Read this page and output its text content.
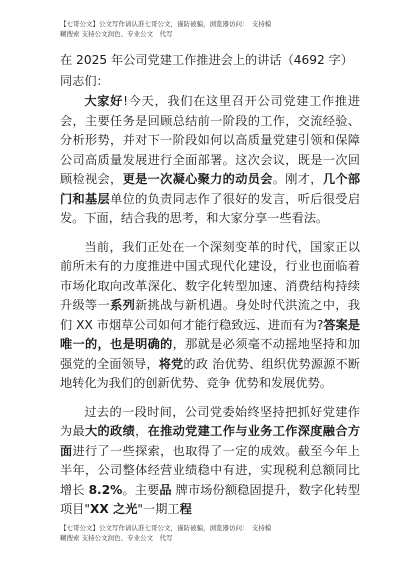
【七哥公文】公文写作请认准七哥公文，谨防被骗，浏览器访问：　支持模
糊搜索 支持公文润色、专业公文　代写
在 2025 年公司党建工作推进会上的讲话（4692 字）同志们：

大家好!今天，我们在这里召开公司党建工作推进会，主要任务是回顾总结前一阶段的工作，交流经验、分析形势，并对下一阶段如何以高质量党建引领和保障公司高质量发展进行全面部署。这次会议，既是一次回顾检视会，更是一次凝心聚力的动员会。刚才，几个部门和基层单位的负责同志作了很好的发言，听后很受启发。下面，结合我的思考，和大家分享一些看法。

当前，我们正处在一个深刻变革的时代，国家正以前所未有的力度推进中国式现代化建设，行业也面临着市场化取向改革深化、数字化转型加速、消费结构持续升级等一系列新挑战与新机遇。身处时代洪流之中，我们 XX 市烟草公司如何才能行稳致远、进而有为?答案是唯一的，也是明确的，那就是必须毫不动摇地坚持和加强党的全面领导，将党的政 治优势、组织优势源源不断地转化为我们的创新优势、竞争 优势和发展优势。

过去的一段时间，公司党委始终坚持把抓好党建作为最大的政绩，在推动党建工作与业务工作深度融合方面进行了一些探索，也取得了一定的成效。截至今年上半年，公司整体经营业绩稳中有进，实现税利总额同比增长 8.2%。主要品 牌市场份额稳固提升，数字化转型项目"XX 之光"一期工程

【七哥公文】公文写作请认准七哥公文，谨防被骗，浏览器访问：　支持模
糊搜索 支持公文润色、专业公文　代写
